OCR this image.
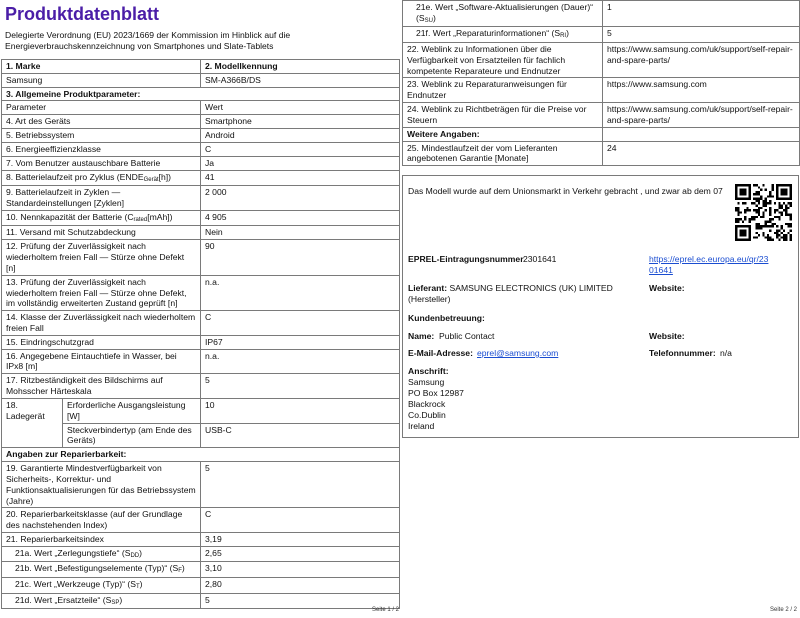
Produktdatenblatt
Delegierte Verordnung (EU) 2023/1669 der Kommission im Hinblick auf die Energieverbrauchskennzeichnung von Smartphones und Slate-Tablets
1. Marke		2. Modellkennung
Samsung		SM-A366B/DS
3. Allgemeine Produktparameter:		
Parameter		Wert
4. Art des Geräts		Smartphone
5. Betriebssystem		Android
6. Energieeffizienzklasse		C
7. Vom Benutzer austauschbare Batterie		Ja
8. Batterielaufzeit pro Zyklus $(ENDE_{Gerät}[h])$		41
9. Batterielaufzeit in Zyklen — Standardeinstellungen [Zyklen]		2 000
10. Nennkapazität der Batterie $(C_{rated}[mAh])$		4 905
11. Versand mit Schutzabdeckung		Nein
12. Prüfung der Zuverlässigkeit nach wiederholtem freien Fall — Stürze ohne Defekt [n]		90
13. Prüfung der Zuverlässigkeit nach wiederholtem freien Fall — Stürze ohne Defekt, im vollständig erweiterten Zustand geprüft [n]		n.a.
14. Klasse der Zuverlässigkeit nach wiederholtem freien Fall		C
15. Eindringschutzgrad		IP67
16. Angegebene Eintauchtiefe in Wasser, bei IPx8 [m]		n.a.
17. Ritzbeständigkeit des Bildschirms auf Mohsscher Härteskala		5
18. Ladegerät	Erforderliche Ausgangsleistung [W]	10
	Steckverbindertyp (am Ende des Geräts)	USB-C
Angaben zur Reparierbarkeit:		
19. Garantierte Mindestverfügbarkeit von Sicherheits-, Korrektur- und Funktionsaktualisierungen für das Betriebssystem (Jahre)		5
20. Reparierbarkeitsklasse (auf der Grundlage des nachstehenden Index)		C
21. Reparierbarkeitsindex		3,19
21a. Wert „Zerlegungstiefe“ $(S_{DD})$		2,65
21b. Wert „Befestigungselemente (Typ)“ $(S_F)$		3,10
21c. Wert „Werkzeuge (Typ)“ $(S_T)$		2,80
21d. Wert „Ersatzteile“ $(S_{SP})$		5
Seite 1 / 2
21e. Wert „Software-Aktualisierungen (Dauer)“ $(S_{SU})$	1
21f. Wert „Reparaturinformationen“ $(S_{RI})$	5
22. Weblink zu Informationen über die Verfügbarkeit von Ersatzteilen für fachlich kompetente Reparateure und Endnutzer	https://www.samsung.com/uk/support/self-repair-and-spare-parts/
23. Weblink zu Reparaturanweisungen für Endnutzer	https://www.samsung.com
24. Weblink zu Richtbeträgen für die Preise vor Steuern	https://www.samsung.com/uk/support/self-repair-and-spare-parts/
Weitere Angaben:	
25. Mindestlaufzeit der vom Lieferanten angebotenen Garantie [Monate]	24
Das Modell wurde auf dem Unionsmarkt in Verkehr gebracht , und zwar ab dem 07
EPREL-Eintragungsnummer 2301641	https://eprel.ec.europa.eu/qr/23
01641
Lieferant: SAMSUNG ELECTRONICS (UK) LIMITED (Hersteller)
Website:
Kundenbetreuung:
Name: Public Contact	Website:
E-Mail-Adresse: eprel@samsung.com	Telefonnummer: n/a
Anschrift:
Samsung
PO Box 12987
Blackrock
Co.Dublin
Ireland
Seite 2 / 2
